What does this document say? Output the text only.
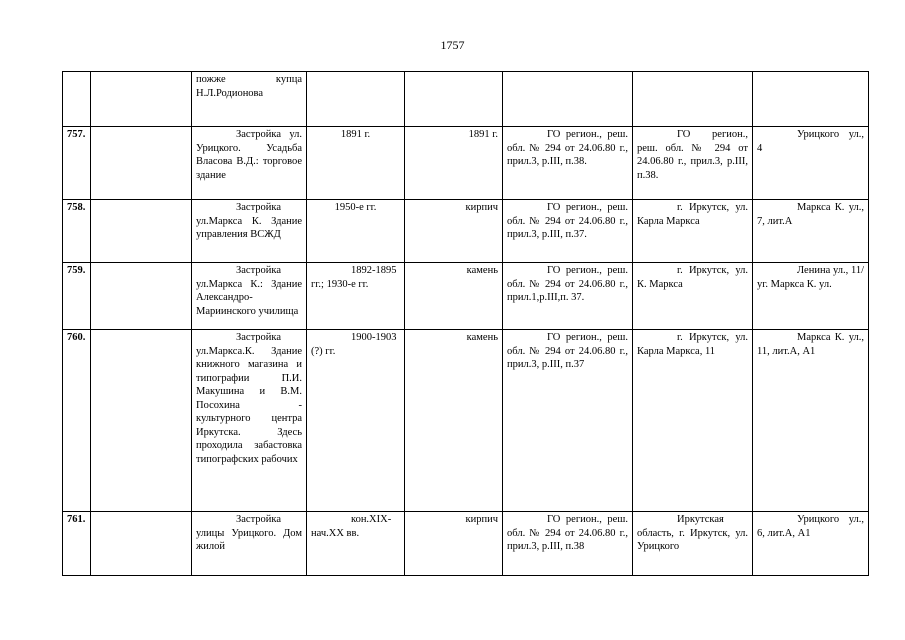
1757

		пожже купца Н.Л.Родионова					

757.		Застройка ул. Урицкого. Усадьба Власова В.Д.: торговое здание	1891 г.	1891 г.	ГО регион., реш. обл. № 294 от 24.06.80 г., прил.3, р.III, п.38.	ГО регион., реш. обл. № 294 от 24.06.80 г., прил.3, р.III, п.38.	Урицкого ул., 4

758.		Застройка ул.Маркса К. Здание управления ВСЖД	1950-е гг.	кирпич	ГО регион., реш. обл. № 294 от 24.06.80 г., прил.3, р.III, п.37.	г. Иркутск, ул. Карла Маркса	Маркса К. ул., 7, лит.А

759.		Застройка ул.Маркса К.: Здание Александро-Мариинского училища	1892-1895 гг.; 1930-е гг.	камень	ГО регион., реш. обл. № 294 от 24.06.80 г., прил.1,р.III,п. 37.	г. Иркутск, ул. К. Маркса	Ленина ул., 11/уг. Маркса К. ул.

760.		Застройка ул.Маркса.К. Здание книжного магазина и типографии П.И. Макушина и В.М. Посохина - культурного центра Иркутска. Здесь проходила забастовка типографских рабочих	1900-1903 (?) гг.	камень	ГО регион., реш. обл. № 294 от 24.06.80 г., прил.3, р.III, п.37	г. Иркутск, ул. Карла Маркса, 11	Маркса К. ул., 11, лит.А, А1

761.		Застройка улицы Урицкого. Дом жилой	кон.XIX-нач.XX вв.	кирпич	ГО регион., реш. обл. № 294 от 24.06.80 г., прил.3, р.III, п.38	Иркутская область, г. Иркутск, ул. Урицкого	Урицкого ул., 6, лит.А, А1
